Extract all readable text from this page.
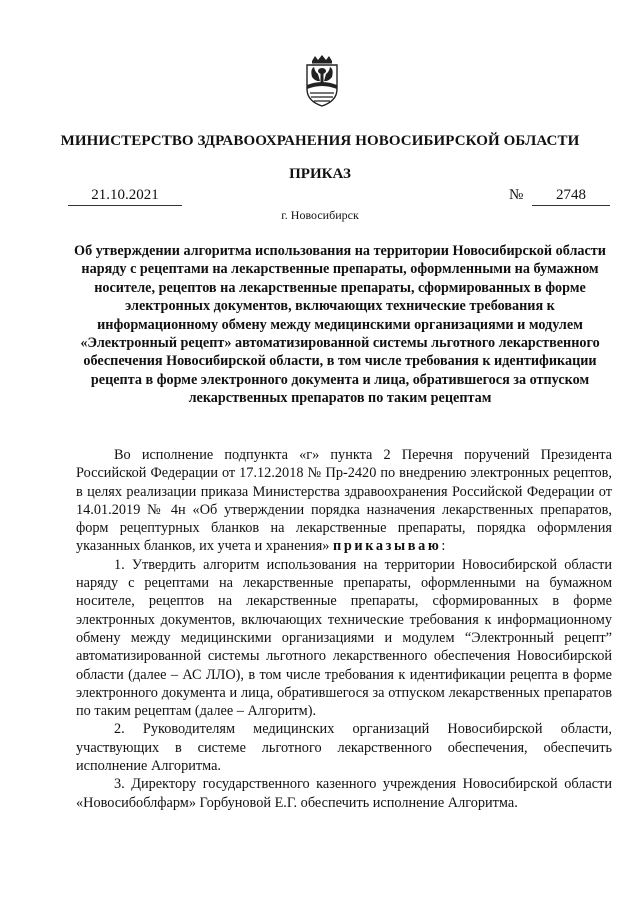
МИНИСТЕРСТВО ЗДРАВООХРАНЕНИЯ НОВОСИБИРСКОЙ ОБЛАСТИ
ПРИКАЗ
21.10.2021	№	2748
г. Новосибирск
Об утверждении алгоритма использования на территории Новосибирской области наряду с рецептами на лекарственные препараты, оформленными на бумажном носителе, рецептов на лекарственные препараты, сформированных в форме электронных документов, включающих технические требования к информационному обмену между медицинскими организациями и модулем «Электронный рецепт» автоматизированной системы льготного лекарственного обеспечения Новосибирской области, в том числе требования к идентификации рецепта в форме электронного документа и лица, обратившегося за отпуском лекарственных препаратов по таким рецептам

Во исполнение подпункта «г» пункта 2 Перечня поручений Президента Российской Федерации от 17.12.2018 № Пр-2420 по внедрению электронных рецептов, в целях реализации приказа Министерства здравоохранения Российской Федерации от 14.01.2019 № 4н «Об утверждении порядка назначения лекарственных препаратов, форм рецептурных бланков на лекарственные препараты, порядка оформления указанных бланков, их учета и хранения» приказываю:

1. Утвердить алгоритм использования на территории Новосибирской области наряду с рецептами на лекарственные препараты, оформленными на бумажном носителе, рецептов на лекарственные препараты, сформированных в форме электронных документов, включающих технические требования к информационному обмену между медицинскими организациями и модулем “Электронный рецепт” автоматизированной системы льготного лекарственного обеспечения Новосибирской области (далее – АС ЛЛО), в том числе требования к идентификации рецепта в форме электронного документа и лица, обратившегося за отпуском лекарственных препаратов по таким рецептам (далее – Алгоритм).

2. Руководителям медицинских организаций Новосибирской области, участвующих в системе льготного лекарственного обеспечения, обеспечить исполнение Алгоритма.

3. Директору государственного казенного учреждения Новосибирской области «Новосибоблфарм» Горбуновой Е.Г. обеспечить исполнение Алгоритма.
